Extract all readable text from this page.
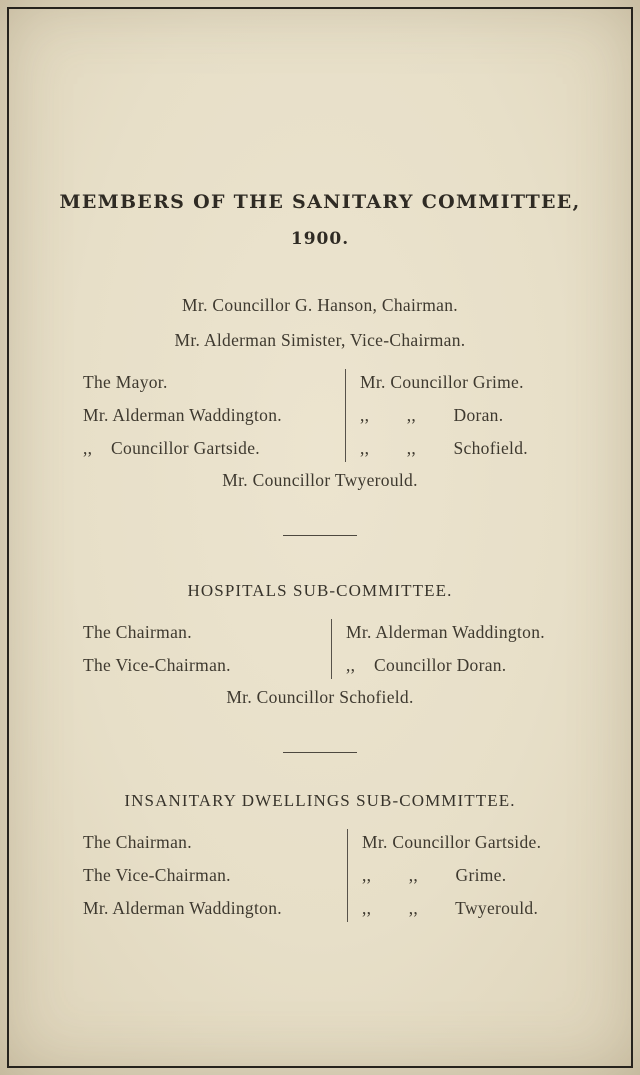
MEMBERS OF THE SANITARY COMMITTEE,
1900.
Mr. Councillor G. Hanson, Chairman.
Mr. Alderman Simister, Vice-Chairman.
The Mayor.
Mr. Alderman Waddington.
,,    Councillor Gartside.
Mr. Councillor Grime.
,,        ,,        Doran.
,,        ,,        Schofield.
Mr. Councillor Twyerould.
HOSPITALS SUB-COMMITTEE.
The Chairman.
The Vice-Chairman.
Mr. Alderman Waddington.
,,    Councillor Doran.
Mr. Councillor Schofield.
INSANITARY DWELLINGS SUB-COMMITTEE.
The Chairman.
The Vice-Chairman.
Mr. Alderman Waddington.
Mr. Councillor Gartside.
,,        ,,        Grime.
,,        ,,        Twyerould.
